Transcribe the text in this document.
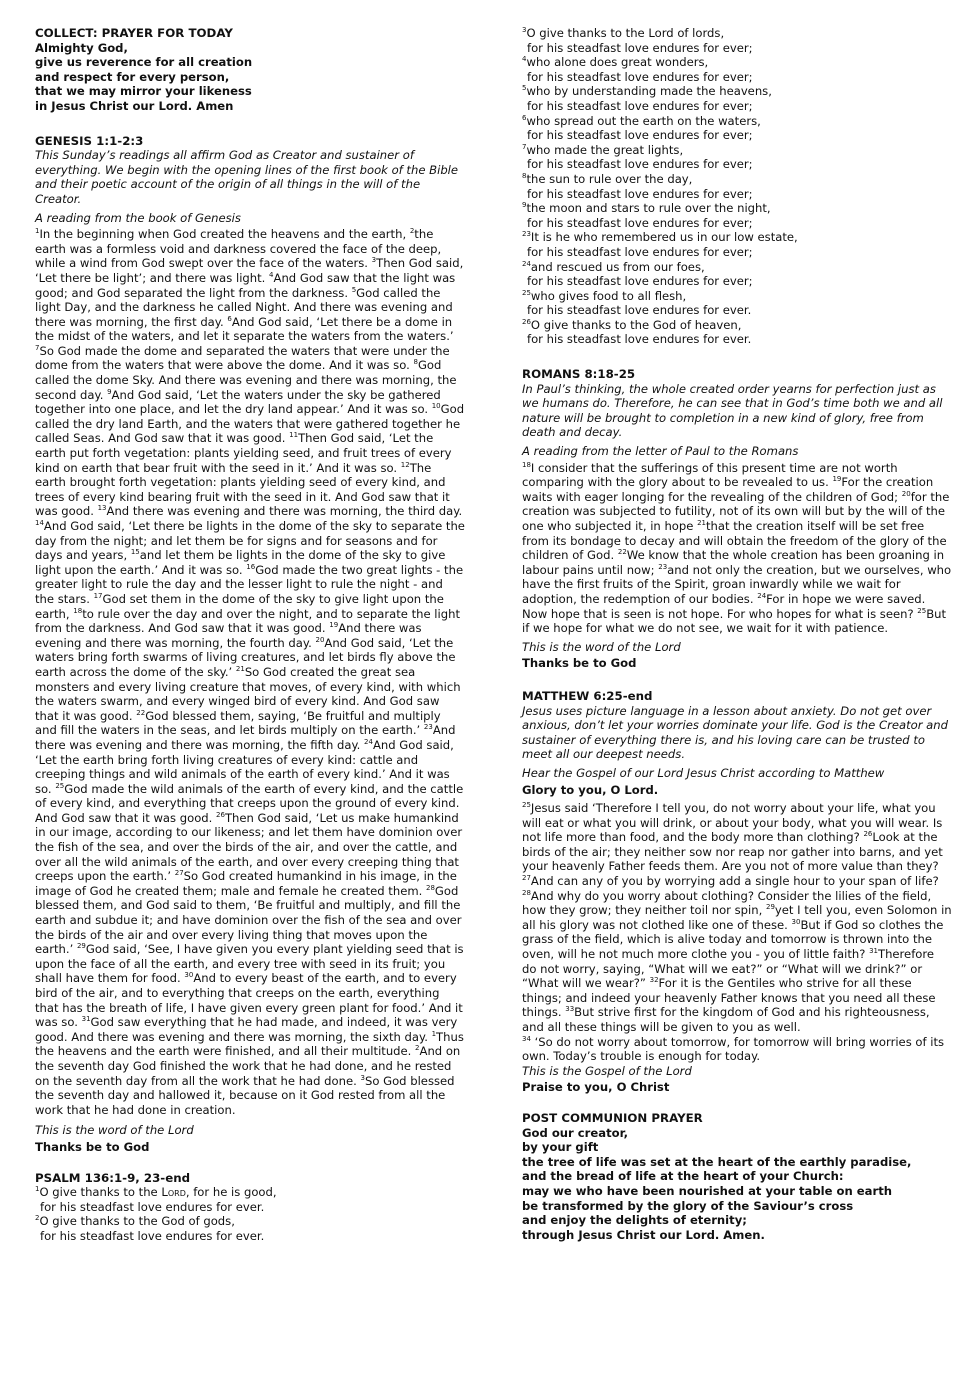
COLLECT: PRAYER FOR TODAY
Almighty God,
give us reverence for all creation
and respect for every person,
that we may mirror your likeness
in Jesus Christ our Lord. Amen
GENESIS 1:1-2:3

This Sunday’s readings all affirm God as Creator and sustainer of everything. We begin with the opening lines of the first book of the Bible and their poetic account of the origin of all things in the will of the Creator.

A reading from the book of Genesis

$^1$In the beginning when God created the heavens and the earth, $^2$the earth was a formless void and darkness covered the face of the deep, while a wind from God swept over the face of the waters. $^3$Then God said, ‘Let there be light’; and there was light. $^4$And God saw that the light was good; and God separated the light from the darkness. $^5$God called the light Day, and the darkness he called Night. And there was evening and there was morning, the first day. $^6$And God said, ‘Let there be a dome in the midst of the waters, and let it separate the waters from the waters.’ $^7$So God made the dome and separated the waters that were under the dome from the waters that were above the dome. And it was so. $^8$God called the dome Sky. And there was evening and there was morning, the second day. $^9$And God said, ‘Let the waters under the sky be gathered together into one place, and let the dry land appear.’ And it was so. $^{10}$God called the dry land Earth, and the waters that were gathered together he called Seas. And God saw that it was good. $^{11}$Then God said, ‘Let the earth put forth vegetation: plants yielding seed, and fruit trees of every kind on earth that bear fruit with the seed in it.’ And it was so. $^{12}$The earth brought forth vegetation: plants yielding seed of every kind, and trees of every kind bearing fruit with the seed in it. And God saw that it was good. $^{13}$And there was evening and there was morning, the third day. $^{14}$And God said, ‘Let there be lights in the dome of the sky to separate the day from the night; and let them be for signs and for seasons and for days and years, $^{15}$and let them be lights in the dome of the sky to give light upon the earth.’ And it was so. $^{16}$God made the two great lights - the greater light to rule the day and the lesser light to rule the night - and the stars. $^{17}$God set them in the dome of the sky to give light upon the earth, $^{18}$to rule over the day and over the night, and to separate the light from the darkness. And God saw that it was good. $^{19}$And there was evening and there was morning, the fourth day. $^{20}$And God said, ‘Let the waters bring forth swarms of living creatures, and let birds fly above the earth across the dome of the sky.’ $^{21}$So God created the great sea monsters and every living creature that moves, of every kind, with which the waters swarm, and every winged bird of every kind. And God saw that it was good. $^{22}$God blessed them, saying, ‘Be fruitful and multiply and fill the waters in the seas, and let birds multiply on the earth.’ $^{23}$And there was evening and there was morning, the fifth day. $^{24}$And God said, ‘Let the earth bring forth living creatures of every kind: cattle and creeping things and wild animals of the earth of every kind.’ And it was so. $^{25}$God made the wild animals of the earth of every kind, and the cattle of every kind, and everything that creeps upon the ground of every kind. And God saw that it was good. $^{26}$Then God said, ‘Let us make humankind in our image, according to our likeness; and let them have dominion over the fish of the sea, and over the birds of the air, and over the cattle, and over all the wild animals of the earth, and over every creeping thing that creeps upon the earth.’ $^{27}$So God created humankind in his image, in the image of God he created them; male and female he created them. $^{28}$God blessed them, and God said to them, ‘Be fruitful and multiply, and fill the earth and subdue it; and have dominion over the fish of the sea and over the birds of the air and over every living thing that moves upon the earth.’ $^{29}$God said, ‘See, I have given you every plant yielding seed that is upon the face of all the earth, and every tree with seed in its fruit; you shall have them for food. $^{30}$And to every beast of the earth, and to every bird of the air, and to everything that creeps on the earth, everything that has the breath of life, I have given every green plant for food.’ And it was so. $^{31}$God saw everything that he had made, and indeed, it was very good. And there was evening and there was morning, the sixth day. $^1$Thus the heavens and the earth were finished, and all their multitude. $^2$And on the seventh day God finished the work that he had done, and he rested on the seventh day from all the work that he had done. $^3$So God blessed the seventh day and hallowed it, because on it God rested from all the work that he had done in creation.

This is the word of the Lord

Thanks be to God

PSALM 136:1-9, 23-end
$^1$O give thanks to the Lord, for he is good,
for his steadfast love endures for ever.
$^2$O give thanks to the God of gods,
for his steadfast love endures for ever.
$^3$O give thanks to the Lord of lords,
for his steadfast love endures for ever;
$^4$who alone does great wonders,
for his steadfast love endures for ever;
$^5$who by understanding made the heavens,
for his steadfast love endures for ever;
$^6$who spread out the earth on the waters,
for his steadfast love endures for ever;
$^7$who made the great lights,
for his steadfast love endures for ever;
$^8$the sun to rule over the day,
for his steadfast love endures for ever;
$^9$the moon and stars to rule over the night,
for his steadfast love endures for ever;
$^{23}$It is he who remembered us in our low estate,
for his steadfast love endures for ever;
$^{24}$and rescued us from our foes,
for his steadfast love endures for ever;
$^{25}$who gives food to all flesh,
for his steadfast love endures for ever.
$^{26}$O give thanks to the God of heaven,
for his steadfast love endures for ever.
ROMANS 8:18-25

In Paul’s thinking, the whole created order yearns for perfection just as we humans do. Therefore, he can see that in God’s time both we and all nature will be brought to completion in a new kind of glory, free from death and decay.

A reading from the letter of Paul to the Romans

$^{18}$I consider that the sufferings of this present time are not worth comparing with the glory about to be revealed to us. $^{19}$For the creation waits with eager longing for the revealing of the children of God; $^{20}$for the creation was subjected to futility, not of its own will but by the will of the one who subjected it, in hope $^{21}$that the creation itself will be set free from its bondage to decay and will obtain the freedom of the glory of the children of God. $^{22}$We know that the whole creation has been groaning in labour pains until now; $^{23}$and not only the creation, but we ourselves, who have the first fruits of the Spirit, groan inwardly while we wait for adoption, the redemption of our bodies. $^{24}$For in hope we were saved. Now hope that is seen is not hope. For who hopes for what is seen? $^{25}$But if we hope for what we do not see, we wait for it with patience.

This is the word of the Lord

Thanks be to God

MATTHEW 6:25-end

Jesus uses picture language in a lesson about anxiety. Do not get over anxious, don’t let your worries dominate your life. God is the Creator and sustainer of everything there is, and his loving care can be trusted to meet all our deepest needs.

Hear the Gospel of our Lord Jesus Christ according to Matthew

Glory to you, O Lord.

$^{25}$Jesus said ‘Therefore I tell you, do not worry about your life, what you will eat or what you will drink, or about your body, what you will wear. Is not life more than food, and the body more than clothing? $^{26}$Look at the birds of the air; they neither sow nor reap nor gather into barns, and yet your heavenly Father feeds them. Are you not of more value than they? $^{27}$And can any of you by worrying add a single hour to your span of life? $^{28}$And why do you worry about clothing? Consider the lilies of the field, how they grow; they neither toil nor spin, $^{29}$yet I tell you, even Solomon in all his glory was not clothed like one of these. $^{30}$But if God so clothes the grass of the field, which is alive today and tomorrow is thrown into the oven, will he not much more clothe you - you of little faith? $^{31}$Therefore do not worry, saying, “What will we eat?” or “What will we drink?” or “What will we wear?” $^{32}$For it is the Gentiles who strive for all these things; and indeed your heavenly Father knows that you need all these things. $^{33}$But strive first for the kingdom of God and his righteousness, and all these things will be given to you as well.

$^{34}$ ‘So do not worry about tomorrow, for tomorrow will bring worries of its own. Today’s trouble is enough for today.

This is the Gospel of the Lord

Praise to you, O Christ

POST COMMUNION PRAYER
God our creator,
by your gift
the tree of life was set at the heart of the earthly paradise,
and the bread of life at the heart of your Church:
may we who have been nourished at your table on earth
be transformed by the glory of the Saviour’s cross
and enjoy the delights of eternity;
through Jesus Christ our Lord. Amen.
